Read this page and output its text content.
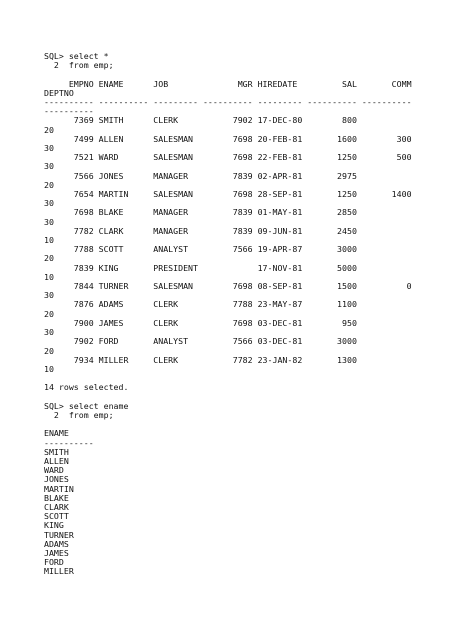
SQL> select *
2  from emp;

EMPNO ENAME      JOB              MGR HIREDATE         SAL       COMM
DEPTNO
---------- ---------- --------- ---------- --------- ---------- ----------
----------
7369 SMITH      CLERK           7902 17-DEC-80        800
20
7499 ALLEN      SALESMAN        7698 20-FEB-81       1600        300
30
7521 WARD       SALESMAN        7698 22-FEB-81       1250        500
30
7566 JONES      MANAGER         7839 02-APR-81       2975
20
7654 MARTIN     SALESMAN        7698 28-SEP-81       1250       1400
30
7698 BLAKE      MANAGER         7839 01-MAY-81       2850
30
7782 CLARK      MANAGER         7839 09-JUN-81       2450
10
7788 SCOTT      ANALYST         7566 19-APR-87       3000
20
7839 KING       PRESIDENT            17-NOV-81       5000
10
7844 TURNER     SALESMAN        7698 08-SEP-81       1500          0
30
7876 ADAMS      CLERK           7788 23-MAY-87       1100
20
7900 JAMES      CLERK           7698 03-DEC-81        950
30
7902 FORD       ANALYST         7566 03-DEC-81       3000
20
7934 MILLER     CLERK           7782 23-JAN-82       1300
10

14 rows selected.

SQL> select ename
2  from emp;

ENAME
----------
SMITH
ALLEN
WARD
JONES
MARTIN
BLAKE
CLARK
SCOTT
KING
TURNER
ADAMS
JAMES
FORD
MILLER
